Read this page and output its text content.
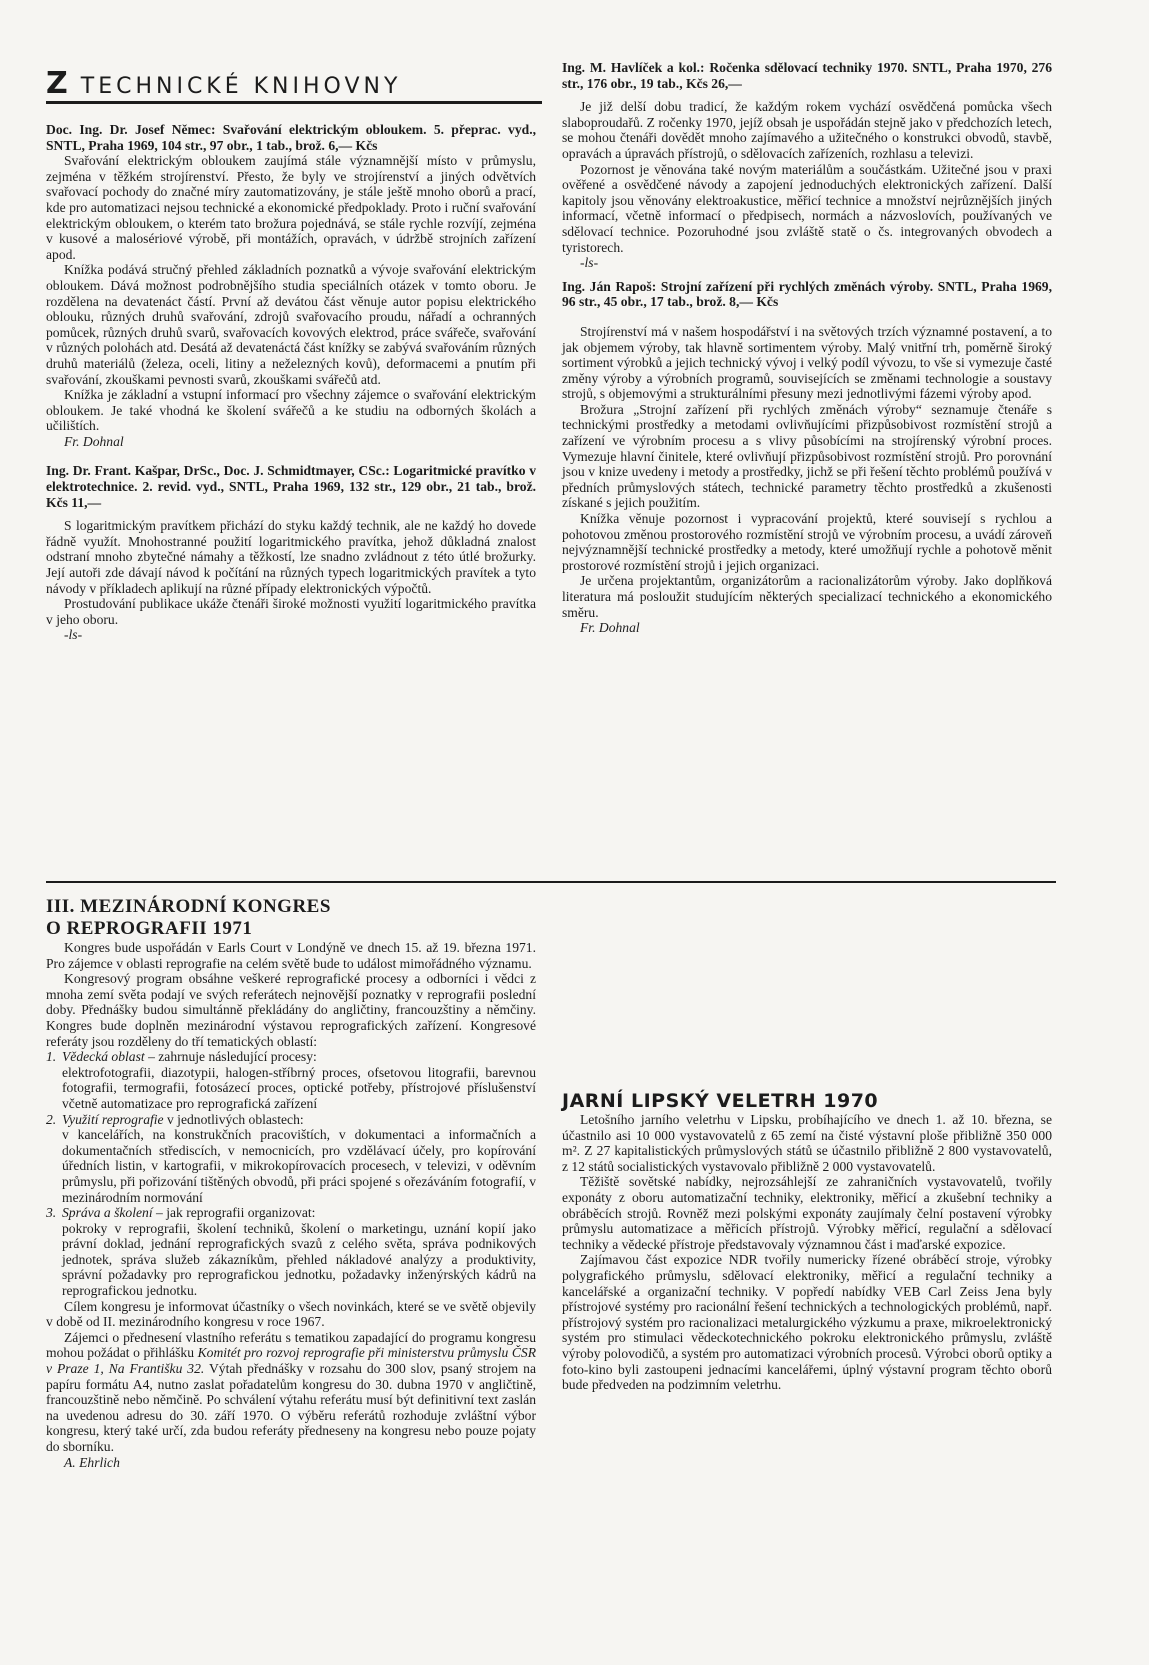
Z TECHNICKÉ KNIHOVNY

Doc. Ing. Dr. Josef Němec: Svařování elektrickým obloukem. 5. přeprac. vyd., SNTL, Praha 1969, 104 str., 97 obr., 1 tab., brož. 6,— Kčs

Svařování elektrickým obloukem zaujímá stále významnější místo v průmyslu, zejména v těžkém strojírenství. Přesto, že byly ve strojírenství a jiných odvětvích svařovací pochody do značné míry zautomatizovány, je stále ještě mnoho oborů a prací, kde pro automatizaci nejsou technické a ekonomické předpoklady. Proto i ruční svařování elektrickým obloukem, o kterém tato brožura pojednává, se stále rychle rozvíjí, zejména v kusové a malosériové výrobě, při montážích, opravách, v údržbě strojních zařízení apod.

Knížka podává stručný přehled základních poznatků a vývoje svařování elektrickým obloukem. Dává možnost podrobnějšího studia speciálních otázek v tomto oboru. Je rozdělena na devatenáct částí. První až devátou část věnuje autor popisu elektrického oblouku, různých druhů svařování, zdrojů svařovacího proudu, nářadí a ochranných pomůcek, různých druhů svarů, svařovacích kovových elektrod, práce svářeče, svařování v různých polohách atd. Desátá až devatenáctá část knížky se zabývá svařováním různých druhů materiálů (železa, oceli, litiny a neželezných kovů), deformacemi a pnutím při svařování, zkouškami pevnosti svarů, zkouškami svářečů atd.

Knížka je základní a vstupní informací pro všechny zájemce o svařování elektrickým obloukem. Je také vhodná ke školení svářečů a ke studiu na odborných školách a učilištích.

Fr. Dohnal

Ing. Dr. Frant. Kašpar, DrSc., Doc. J. Schmidtmayer, CSc.: Logaritmické pravítko v elektrotechnice. 2. revid. vyd., SNTL, Praha 1969, 132 str., 129 obr., 21 tab., brož. Kčs 11,—

S logaritmickým pravítkem přichází do styku každý technik, ale ne každý ho dovede řádně využít. Mnohostranné použití logaritmického pravítka, jehož důkladná znalost odstraní mnoho zbytečné námahy a těžkostí, lze snadno zvládnout z této útlé brožurky. Její autoři zde dávají návod k počítání na různých typech logaritmických pravítek a tyto návody v příkladech aplikují na různé případy elektronických výpočtů.

Prostudování publikace ukáže čtenáři široké možnosti využití logaritmického pravítka v jeho oboru.

-ls-

Ing. M. Havlíček a kol.: Ročenka sdělovací techniky 1970. SNTL, Praha 1970, 276 str., 176 obr., 19 tab., Kčs 26,—

Je již delší dobu tradicí, že každým rokem vychází osvědčená pomůcka všech slaboproudařů. Z ročenky 1970, jejíž obsah je uspořádán stejně jako v předchozích letech, se mohou čtenáři dovědět mnoho zajímavého a užitečného o konstrukci obvodů, stavbě, opravách a úpravách přístrojů, o sdělovacích zařízeních, rozhlasu a televizi.

Pozornost je věnována také novým materiálům a součástkám. Užitečné jsou v praxi ověřené a osvědčené návody a zapojení jednoduchých elektronických zařízení. Další kapitoly jsou věnovány elektroakustice, měřicí technice a množství nejrůznějších jiných informací, včetně informací o předpisech, normách a názvoslovích, používaných ve sdělovací technice. Pozoruhodné jsou zvláště statě o čs. integrovaných obvodech a tyristorech.

-ls-

Ing. Ján Rapoš: Strojní zařízení při rychlých změnách výroby. SNTL, Praha 1969, 96 str., 45 obr., 17 tab., brož. 8,— Kčs

Strojírenství má v našem hospodářství i na světových trzích významné postavení, a to jak objemem výroby, tak hlavně sortimentem výroby. Malý vnitřní trh, poměrně široký sortiment výrobků a jejich technický vývoj i velký podíl vývozu, to vše si vymezuje časté změny výroby a výrobních programů, souvisejících se změnami technologie a soustavy strojů, s objemovými a strukturálními přesuny mezi jednotlivými fázemi výroby apod.

Brožura „Strojní zařízení při rychlých změnách výroby“ seznamuje čtenáře s technickými prostředky a metodami ovlivňujícími přizpůsobivost rozmístění strojů a zařízení ve výrobním procesu a s vlivy působícími na strojírenský výrobní proces. Vymezuje hlavní činitele, které ovlivňují přizpůsobivost rozmístění strojů. Pro porovnání jsou v knize uvedeny i metody a prostředky, jichž se při řešení těchto problémů používá v předních průmyslových státech, technické parametry těchto prostředků a zkušenosti získané s jejich použitím.

Knížka věnuje pozornost i vypracování projektů, které souvisejí s rychlou a pohotovou změnou prostorového rozmístění strojů ve výrobním procesu, a uvádí zároveň nejvýznamnější technické prostředky a metody, které umožňují rychle a pohotově měnit prostorové rozmístění strojů i jejich organizaci.

Je určena projektantům, organizátorům a racionalizátorům výroby. Jako doplňková literatura má posloužit studujícím některých specializací technického a ekonomického směru.

Fr. Dohnal

III. MEZINÁRODNÍ KONGRES
O REPROGRAFII 1971

Kongres bude uspořádán v Earls Court v Londýně ve dnech 15. až 19. března 1971. Pro zájemce v oblasti reprografie na celém světě bude to událost mimořádného významu.

Kongresový program obsáhne veškeré reprografické procesy a odborníci i vědci z mnoha zemí světa podají ve svých referátech nejnovější poznatky v reprografii poslední doby. Přednášky budou simultánně překládány do angličtiny, francouzštiny a němčiny. Kongres bude doplněn mezinárodní výstavou reprografických zařízení. Kongresové referáty jsou rozděleny do tří tematických oblastí:

1. Vědecká oblast – zahrnuje následující procesy:

elektrofotografii, diazotypii, halogen-stříbrný proces, ofsetovou litografii, barevnou fotografii, termografii, fotosázecí proces, optické potřeby, přístrojové příslušenství včetně automatizace pro reprografická zařízení

2. Využití reprografie v jednotlivých oblastech:

v kancelářích, na konstrukčních pracovištích, v dokumentaci a informačních a dokumentačních střediscích, v nemocnicích, pro vzdělávací účely, pro kopírování úředních listin, v kartografii, v mikrokopírovacích procesech, v televizi, v oděvním průmyslu, při pořizování tištěných obvodů, při práci spojené s ořezáváním fotografií, v mezinárodním normování

3. Správa a školení – jak reprografii organizovat:

pokroky v reprografii, školení techniků, školení o marketingu, uznání kopií jako právní doklad, jednání reprografických svazů z celého světa, správa podnikových jednotek, správa služeb zákazníkům, přehled nákladové analýzy a produktivity, správní požadavky pro reprografickou jednotku, požadavky inženýrských kádrů na reprografickou jednotku.

Cílem kongresu je informovat účastníky o všech novinkách, které se ve světě objevily v době od II. mezinárodního kongresu v roce 1967.

Zájemci o přednesení vlastního referátu s tematikou zapadající do programu kongresu mohou požádat o přihlášku Komitét pro rozvoj reprografie při ministerstvu průmyslu ČSR v Praze 1, Na Františku 32. Výtah přednášky v rozsahu do 300 slov, psaný strojem na papíru formátu A4, nutno zaslat pořadatelům kongresu do 30. dubna 1970 v angličtině, francouzštině nebo němčině. Po schválení výtahu referátu musí být definitivní text zaslán na uvedenou adresu do 30. září 1970. O výběru referátů rozhoduje zvláštní výbor kongresu, který také určí, zda budou referáty předneseny na kongresu nebo pouze pojaty do sborníku.

A. Ehrlich

JARNÍ LIPSKÝ VELETRH 1970

Letošního jarního veletrhu v Lipsku, probíhajícího ve dnech 1. až 10. března, se účastnilo asi 10 000 vystavovatelů z 65 zemí na čisté výstavní ploše přibližně 350 000 m². Z 27 kapitalistických průmyslových států se účastnilo přibližně 2 800 vystavovatelů, z 12 států socialistických vystavovalo přibližně 2 000 vystavovatelů.

Těžiště sovětské nabídky, nejrozsáhlejší ze zahraničních vystavovatelů, tvořily exponáty z oboru automatizační techniky, elektroniky, měřicí a zkušební techniky a obráběcích strojů. Rovněž mezi polskými exponáty zaujímaly čelní postavení výrobky průmyslu automatizace a měřicích přístrojů. Výrobky měřicí, regulační a sdělovací techniky a vědecké přístroje představovaly významnou část i maďarské expozice.

Zajímavou část expozice NDR tvořily numericky řízené obráběcí stroje, výrobky polygrafického průmyslu, sdělovací elektroniky, měřicí a regulační techniky a kancelářské a organizační techniky. V popředí nabídky VEB Carl Zeiss Jena byly přístrojové systémy pro racionální řešení technických a technologických problémů, např. přístrojový systém pro racionalizaci metalurgického výzkumu a praxe, mikroelektronický systém pro stimulaci vědeckotechnického pokroku elektronického průmyslu, zvláště výroby polovodičů, a systém pro automatizaci výrobních procesů. Výrobci oborů optiky a foto-kino byli zastoupeni jednacími kancelářemi, úplný výstavní program těchto oborů bude předveden na podzimním veletrhu.
